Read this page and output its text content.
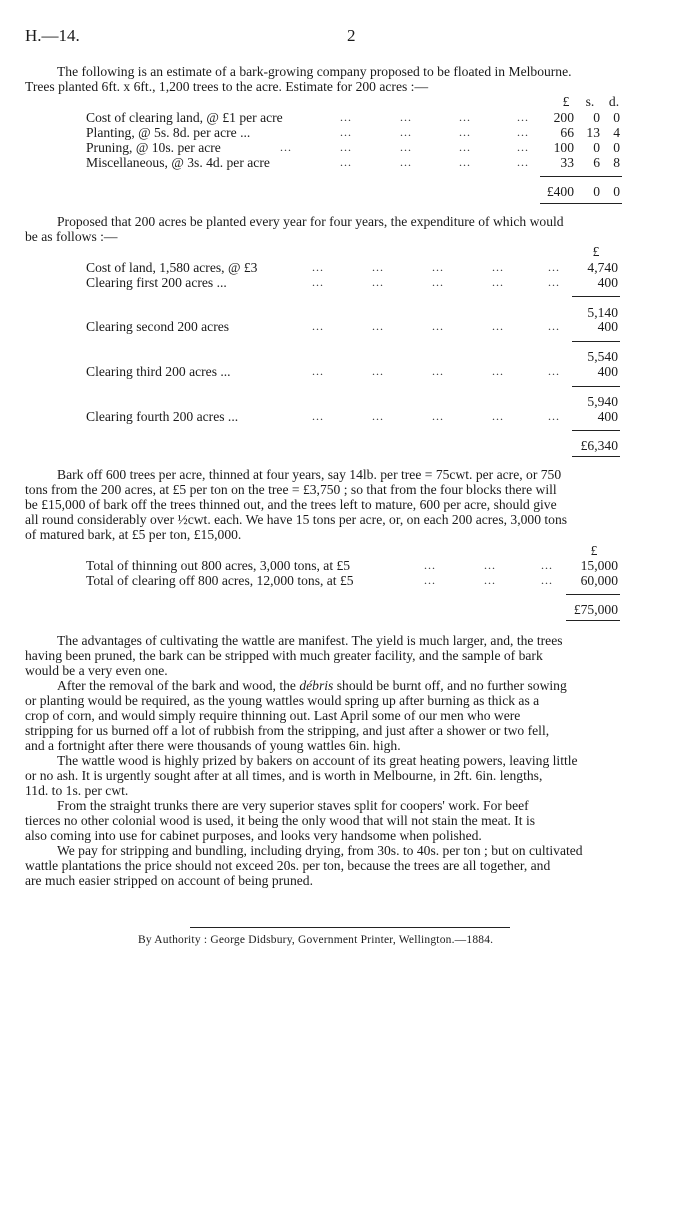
H.—14.	2
The following is an estimate of a bark-growing company proposed to be floated in Melbourne.
Trees planted 6ft. x 6ft., 1,200 trees to the acre. Estimate for 200 acres :—
£	s.	d.
Cost of clearing land, @ £1 per acre	...	...	...	... 200 0 0
Planting, @ 5s. 8d. per acre ...	...	...	...	... 66 13 4
Pruning, @ 10s. per acre	...	...	...	...	... 100 0 0
Miscellaneous, @ 3s. 4d. per acre	...	...	...	... 33 6 8
£400 0 0
Proposed that 200 acres be planted every year for four years, the expenditure of which would
be as follows :—
£
Cost of land, 1,580 acres, @ £3	...	...	...	...	... 4,740
Clearing first 200 acres ...	...	...	...	...	...	400
5,140
Clearing second 200 acres	...	...	...	...	...	400
5,540
Clearing third 200 acres ...	...	...	...	...	...	400
5,940
Clearing fourth 200 acres ...	...	...	...	...	...	400
£6,340
Bark off 600 trees per acre, thinned at four years, say 14lb. per tree = 75cwt. per acre, or 750
tons from the 200 acres, at £5 per ton on the tree = £3,750 ; so that from the four blocks there will
be £15,000 of bark off the trees thinned out, and the trees left to mature, 600 per acre, should give
all round considerably over ½cwt. each. We have 15 tons per acre, or, on each 200 acres, 3,000 tons
of matured bark, at £5 per ton, £15,000.
£
Total of thinning out 800 acres, 3,000 tons, at £5	...	...	... 15,000
Total of clearing off 800 acres, 12,000 tons, at £5	...	...	... 60,000
£75,000
The advantages of cultivating the wattle are manifest. The yield is much larger, and, the trees
having been pruned, the bark can be stripped with much greater facility, and the sample of bark
would be a very even one.
After the removal of the bark and wood, the débris should be burnt off, and no further sowing
or planting would be required, as the young wattles would spring up after burning as thick as a
crop of corn, and would simply require thinning out. Last April some of our men who were
stripping for us burned off a lot of rubbish from the stripping, and just after a shower or two fell,
and a fortnight after there were thousands of young wattles 6in. high.
The wattle wood is highly prized by bakers on account of its great heating powers, leaving little
or no ash. It is urgently sought after at all times, and is worth in Melbourne, in 2ft. 6in. lengths,
11d. to 1s. per cwt.
From the straight trunks there are very superior staves split for coopers' work. For beef
tierces no other colonial wood is used, it being the only wood that will not stain the meat. It is
also coming into use for cabinet purposes, and looks very handsome when polished.
We pay for stripping and bundling, including drying, from 30s. to 40s. per ton ; but on cultivated
wattle plantations the price should not exceed 20s. per ton, because the trees are all together, and
are much easier stripped on account of being pruned.
By Authority : George Didsbury, Government Printer, Wellington.—1884.
